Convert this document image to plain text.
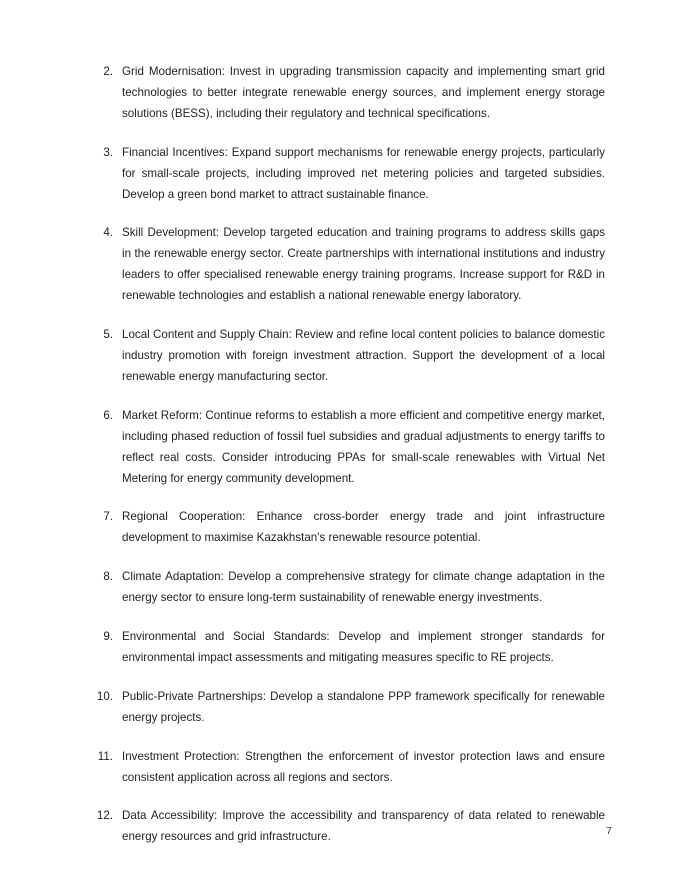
2. Grid Modernisation: Invest in upgrading transmission capacity and implementing smart grid technologies to better integrate renewable energy sources, and implement energy storage solutions (BESS), including their regulatory and technical specifications.
3. Financial Incentives: Expand support mechanisms for renewable energy projects, particularly for small-scale projects, including improved net metering policies and targeted subsidies. Develop a green bond market to attract sustainable finance.
4. Skill Development: Develop targeted education and training programs to address skills gaps in the renewable energy sector. Create partnerships with international institutions and industry leaders to offer specialised renewable energy training programs. Increase support for R&D in renewable technologies and establish a national renewable energy laboratory.
5. Local Content and Supply Chain: Review and refine local content policies to balance domestic industry promotion with foreign investment attraction. Support the development of a local renewable energy manufacturing sector.
6. Market Reform: Continue reforms to establish a more efficient and competitive energy market, including phased reduction of fossil fuel subsidies and gradual adjustments to energy tariffs to reflect real costs. Consider introducing PPAs for small-scale renewables with Virtual Net Metering for energy community development.
7. Regional Cooperation: Enhance cross-border energy trade and joint infrastructure development to maximise Kazakhstan's renewable resource potential.
8. Climate Adaptation: Develop a comprehensive strategy for climate change adaptation in the energy sector to ensure long-term sustainability of renewable energy investments.
9. Environmental and Social Standards: Develop and implement stronger standards for environmental impact assessments and mitigating measures specific to RE projects.
10. Public-Private Partnerships: Develop a standalone PPP framework specifically for renewable energy projects.
11. Investment Protection: Strengthen the enforcement of investor protection laws and ensure consistent application across all regions and sectors.
12. Data Accessibility: Improve the accessibility and transparency of data related to renewable energy resources and grid infrastructure.	7
